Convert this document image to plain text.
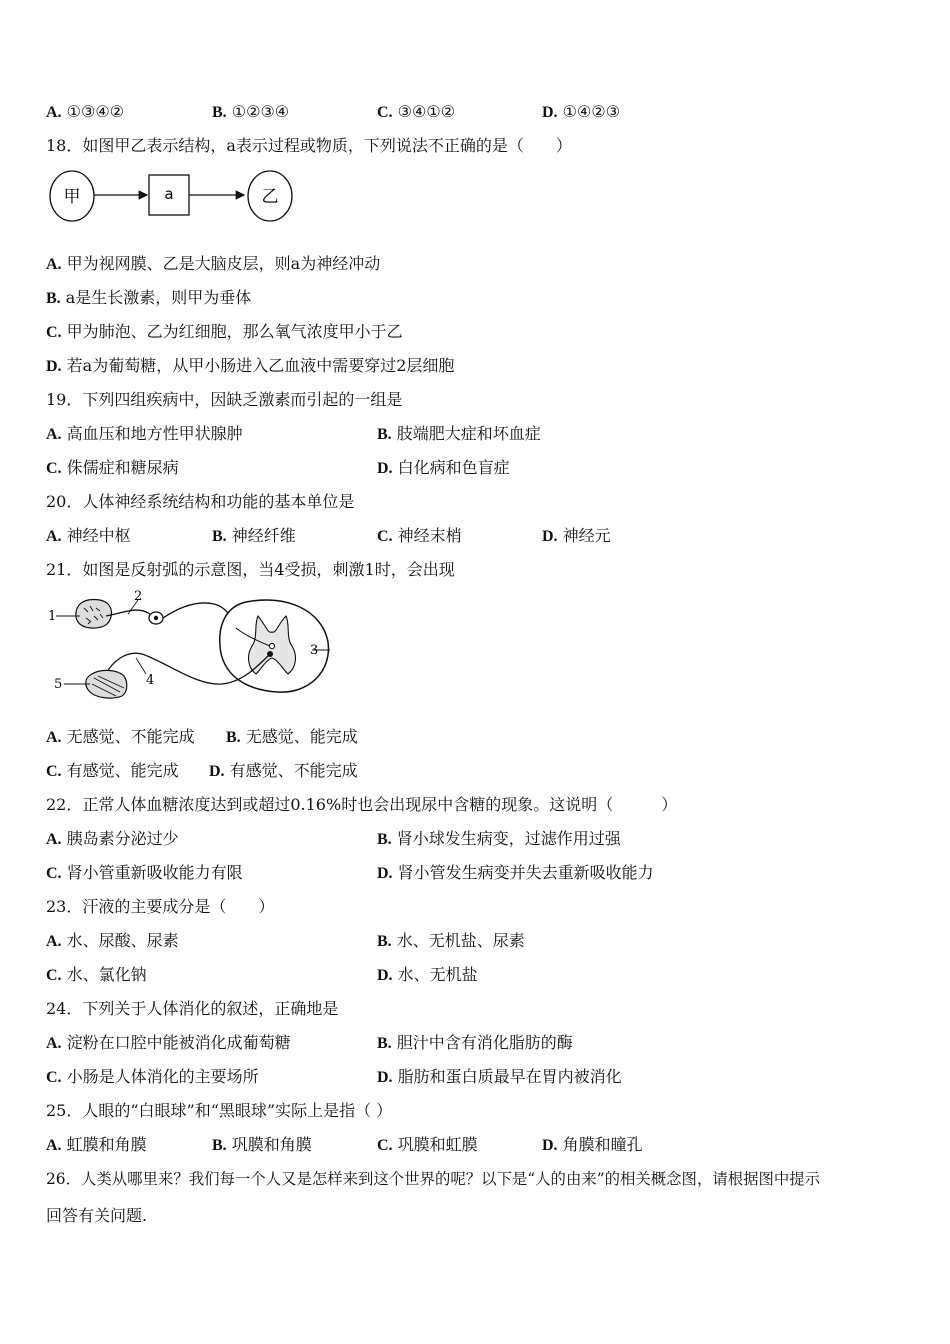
A. ①③④②	B. ①②③④	C. ③④①②	D. ①④②③
18．如图甲乙表示结构，a表示过程或物质，下列说法不正确的是（　　）
甲	a	乙
A. 甲为视网膜、乙是大脑皮层，则a为神经冲动
B. a是生长激素，则甲为垂体
C. 甲为肺泡、乙为红细胞，那么氧气浓度甲小于乙
D. 若a为葡萄糖，从甲小肠进入乙血液中需要穿过2层细胞
19．下列四组疾病中，因缺乏激素而引起的一组是
A. 高血压和地方性甲状腺肿	B. 肢端肥大症和坏血症
C. 侏儒症和糖尿病	D. 白化病和色盲症
20．人体神经系统结构和功能的基本单位是
A. 神经中枢	B. 神经纤维	C. 神经末梢	D. 神经元
21．如图是反射弧的示意图，当4受损，刺激1时，会出现
1
2
3
4
5
A. 无感觉、不能完成 B. 无感觉、能完成
C. 有感觉、能完成 D. 有感觉、不能完成
22．正常人体血糖浓度达到或超过0.16%时也会出现尿中含糖的现象。这说明（　　　）
A. 胰岛素分泌过少	B. 肾小球发生病变，过滤作用过强
C. 肾小管重新吸收能力有限	D. 肾小管发生病变并失去重新吸收能力
23．汗液的主要成分是（　　）
A. 水、尿酸、尿素	B. 水、无机盐、尿素
C. 水、氯化钠	D. 水、无机盐
24．下列关于人体消化的叙述，正确地是
A. 淀粉在口腔中能被消化成葡萄糖	B. 胆汁中含有消化脂肪的酶
C. 小肠是人体消化的主要场所	D. 脂肪和蛋白质最早在胃内被消化
25．人眼的“白眼球”和“黑眼球”实际上是指（ ）
A. 虹膜和角膜	B. 巩膜和角膜	C. 巩膜和虹膜	D. 角膜和瞳孔
26．人类从哪里来？我们每一个人又是怎样来到这个世界的呢？以下是“人的由来”的相关概念图，请根据图中提示
回答有关问题.
